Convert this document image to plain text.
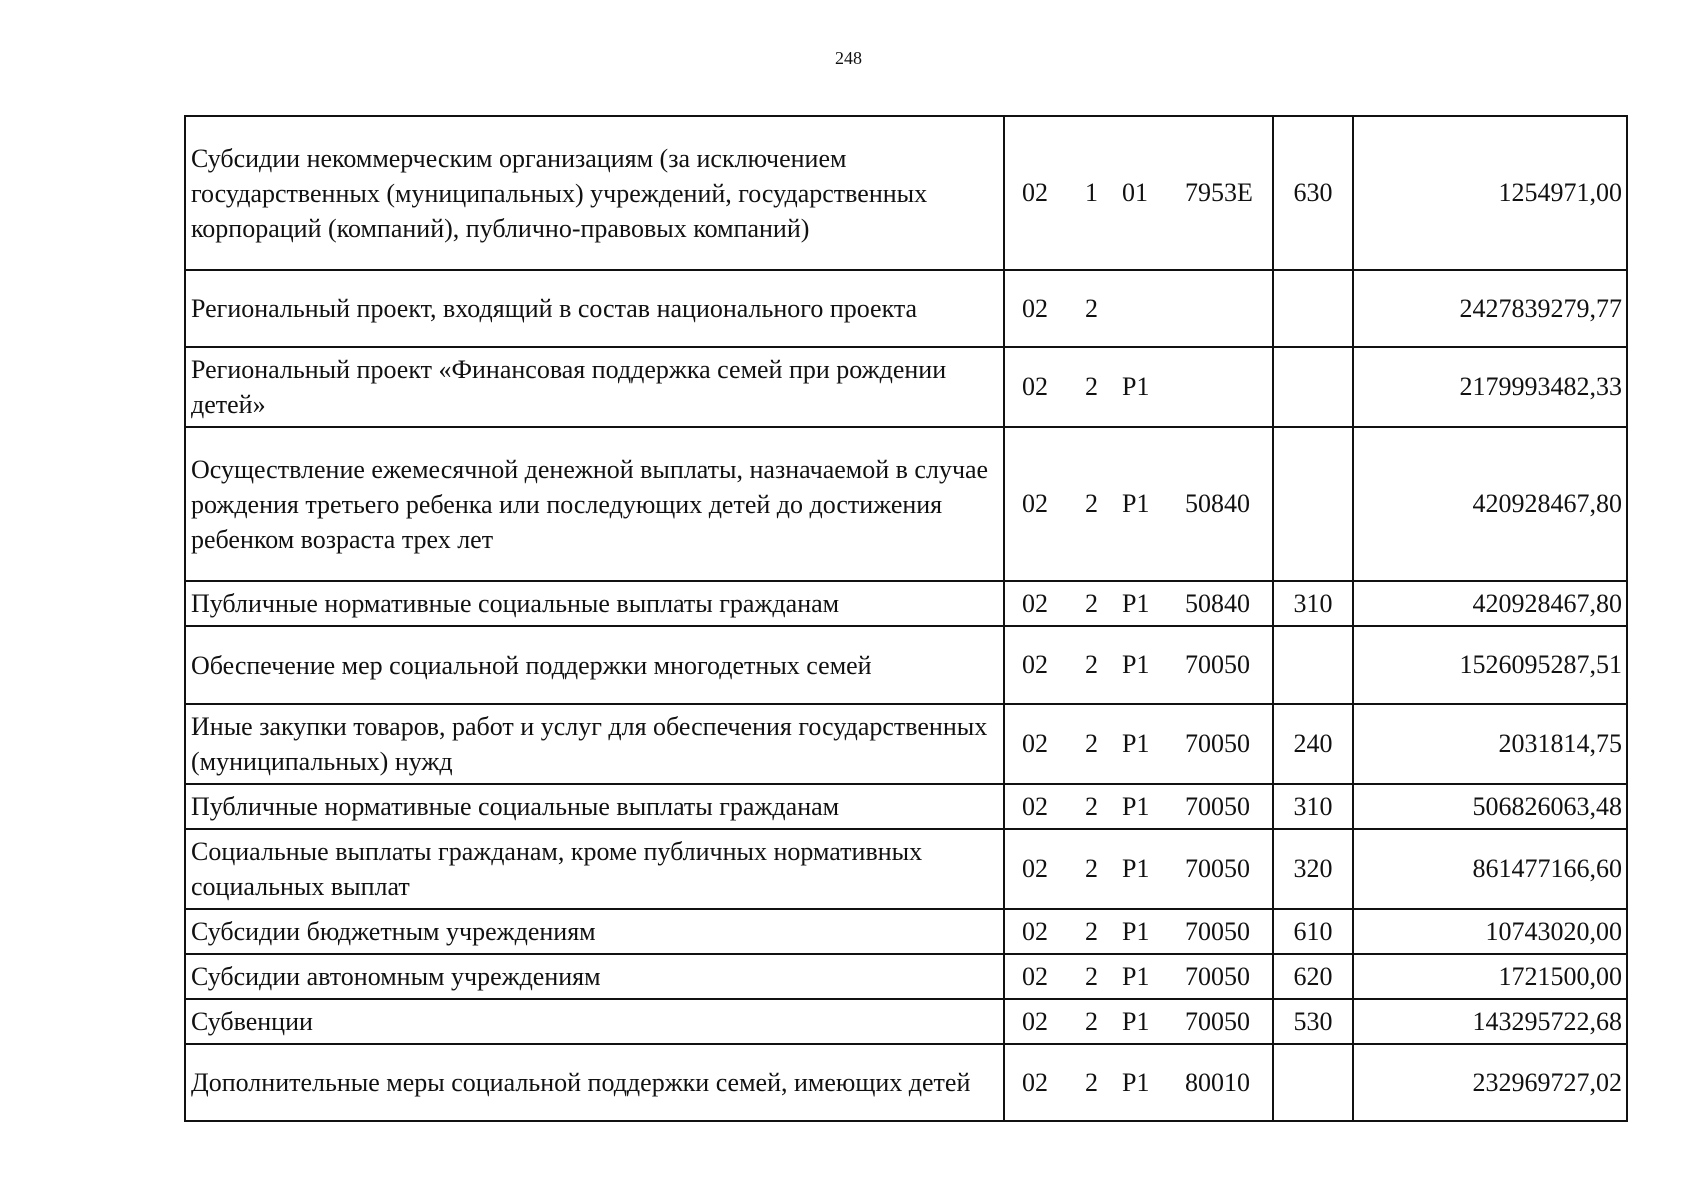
248
Субсидии некоммерческим организациям (за исключением государственных (муниципальных) учреждений, государственных корпораций (компаний), публично-правовых компаний)	02 1 01 7953E	630	1254971,00
Региональный проект, входящий в состав национального проекта	02 2		2427839279,77
Региональный проект «Финансовая поддержка семей при рождении детей»	02 2 Р1		2179993482,33
Осуществление ежемесячной денежной выплаты, назначаемой в случае рождения третьего ребенка или последующих детей до достижения ребенком возраста трех лет	02 2 Р1 50840		420928467,80
Публичные нормативные социальные выплаты гражданам	02 2 Р1 50840	310	420928467,80
Обеспечение мер социальной поддержки многодетных семей	02 2 Р1 70050		1526095287,51
Иные закупки товаров, работ и услуг для обеспечения государственных (муниципальных) нужд	02 2 Р1 70050	240	2031814,75
Публичные нормативные социальные выплаты гражданам	02 2 Р1 70050	310	506826063,48
Социальные выплаты гражданам, кроме публичных нормативных социальных выплат	02 2 Р1 70050	320	861477166,60
Субсидии бюджетным учреждениям	02 2 Р1 70050	610	10743020,00
Субсидии автономным учреждениям	02 2 Р1 70050	620	1721500,00
Субвенции	02 2 Р1 70050	530	143295722,68
Дополнительные меры социальной поддержки семей, имеющих детей	02 2 Р1 80010		232969727,02
